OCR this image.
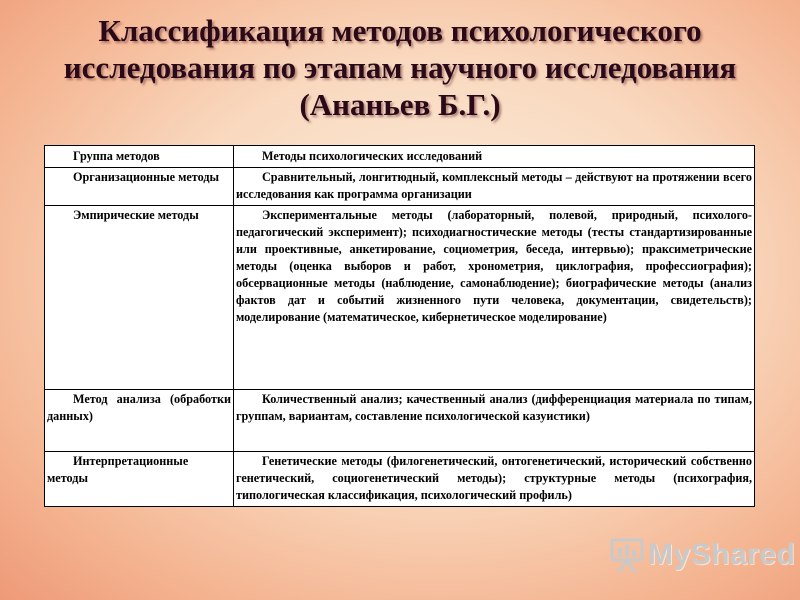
Классификация методов психологического исследования по этапам научного исследования (Ананьев Б.Г.)
Группа методов	Методы психологических исследований
Организационные методы	Сравнительный, лонгитюдный, комплексный методы – действуют на протяжении всего исследования как программа организации
Эмпирические методы	Экспериментальные методы (лабораторный, полевой, природный, психолого-педагогический эксперимент); психодиагностические методы (тесты стандартизированные или проективные, анкетирование, социометрия, беседа, интервью); праксиметрические методы (оценка выборов и работ, хронометрия, циклография, профессиография); обсервационные методы (наблюдение, самонаблюдение); биографические методы (анализ фактов дат и событий жизненного пути человека, документации, свидетельств); моделирование (математическое, кибернетическое моделирование)
Метод анализа (обработки данных)	Количественный анализ; качественный анализ (дифференциация материала по типам, группам, вариантам, составление психологической казуистики)
Интерпретационные методы	Генетические методы (филогенетический, онтогенетический, исторический собственно генетический, социогенетический методы); структурные методы (психография, типологическая классификация, психологический профиль)
MyShared
